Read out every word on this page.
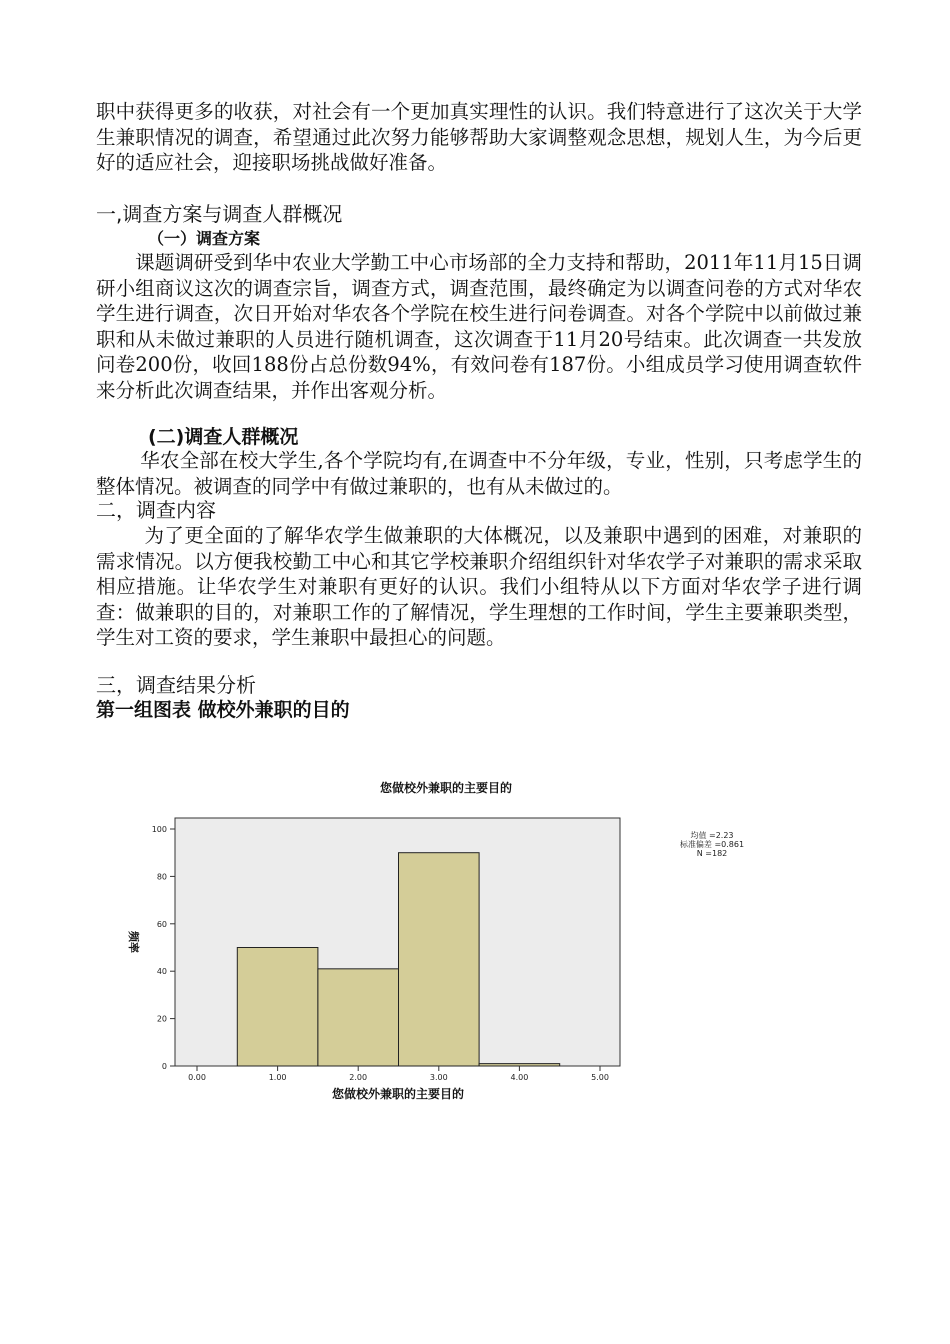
职中获得更多的收获，对社会有一个更加真实理性的认识。我们特意进行了这次关于大学生兼职情况的调查，希望通过此次努力能够帮助大家调整观念思想，规划人生，为今后更好的适应社会，迎接职场挑战做好准备。
一,调查方案与调查人群概况
（一）调查方案
课题调研受到华中农业大学勤工中心市场部的全力支持和帮助，2011年11月15日调研小组商议这次的调查宗旨，调查方式，调查范围，最终确定为以调查问卷的方式对华农学生进行调查，次日开始对华农各个学院在校生进行问卷调查。对各个学院中以前做过兼职和从未做过兼职的人员进行随机调查，这次调查于11月20号结束。此次调查一共发放问卷200份，收回188份占总份数94%，有效问卷有187份。小组成员学习使用调查软件来分析此次调查结果，并作出客观分析。
(二)调查人群概况
华农全部在校大学生,各个学院均有,在调查中不分年级，专业，性别，只考虑学生的整体情况。被调查的同学中有做过兼职的，也有从未做过的。
二，调查内容
为了更全面的了解华农学生做兼职的大体概况，以及兼职中遇到的困难，对兼职的需求情况。以方便我校勤工中心和其它学校兼职介绍组织针对华农学子对兼职的需求采取相应措施。让华农学生对兼职有更好的认识。我们小组特从以下方面对华农学子进行调查：做兼职的目的，对兼职工作的了解情况，学生理想的工作时间，学生主要兼职类型，学生对工资的要求，学生兼职中最担心的问题。
三，调查结果分析
第一组图表 做校外兼职的目的
您做校外兼职的主要目的
0
20
40
60
80
100
0.00	1.00	2.00	3.00	4.00	5.00
频率
您做校外兼职的主要目的
均值 =2.23
标准偏差 =0.861
N =182
